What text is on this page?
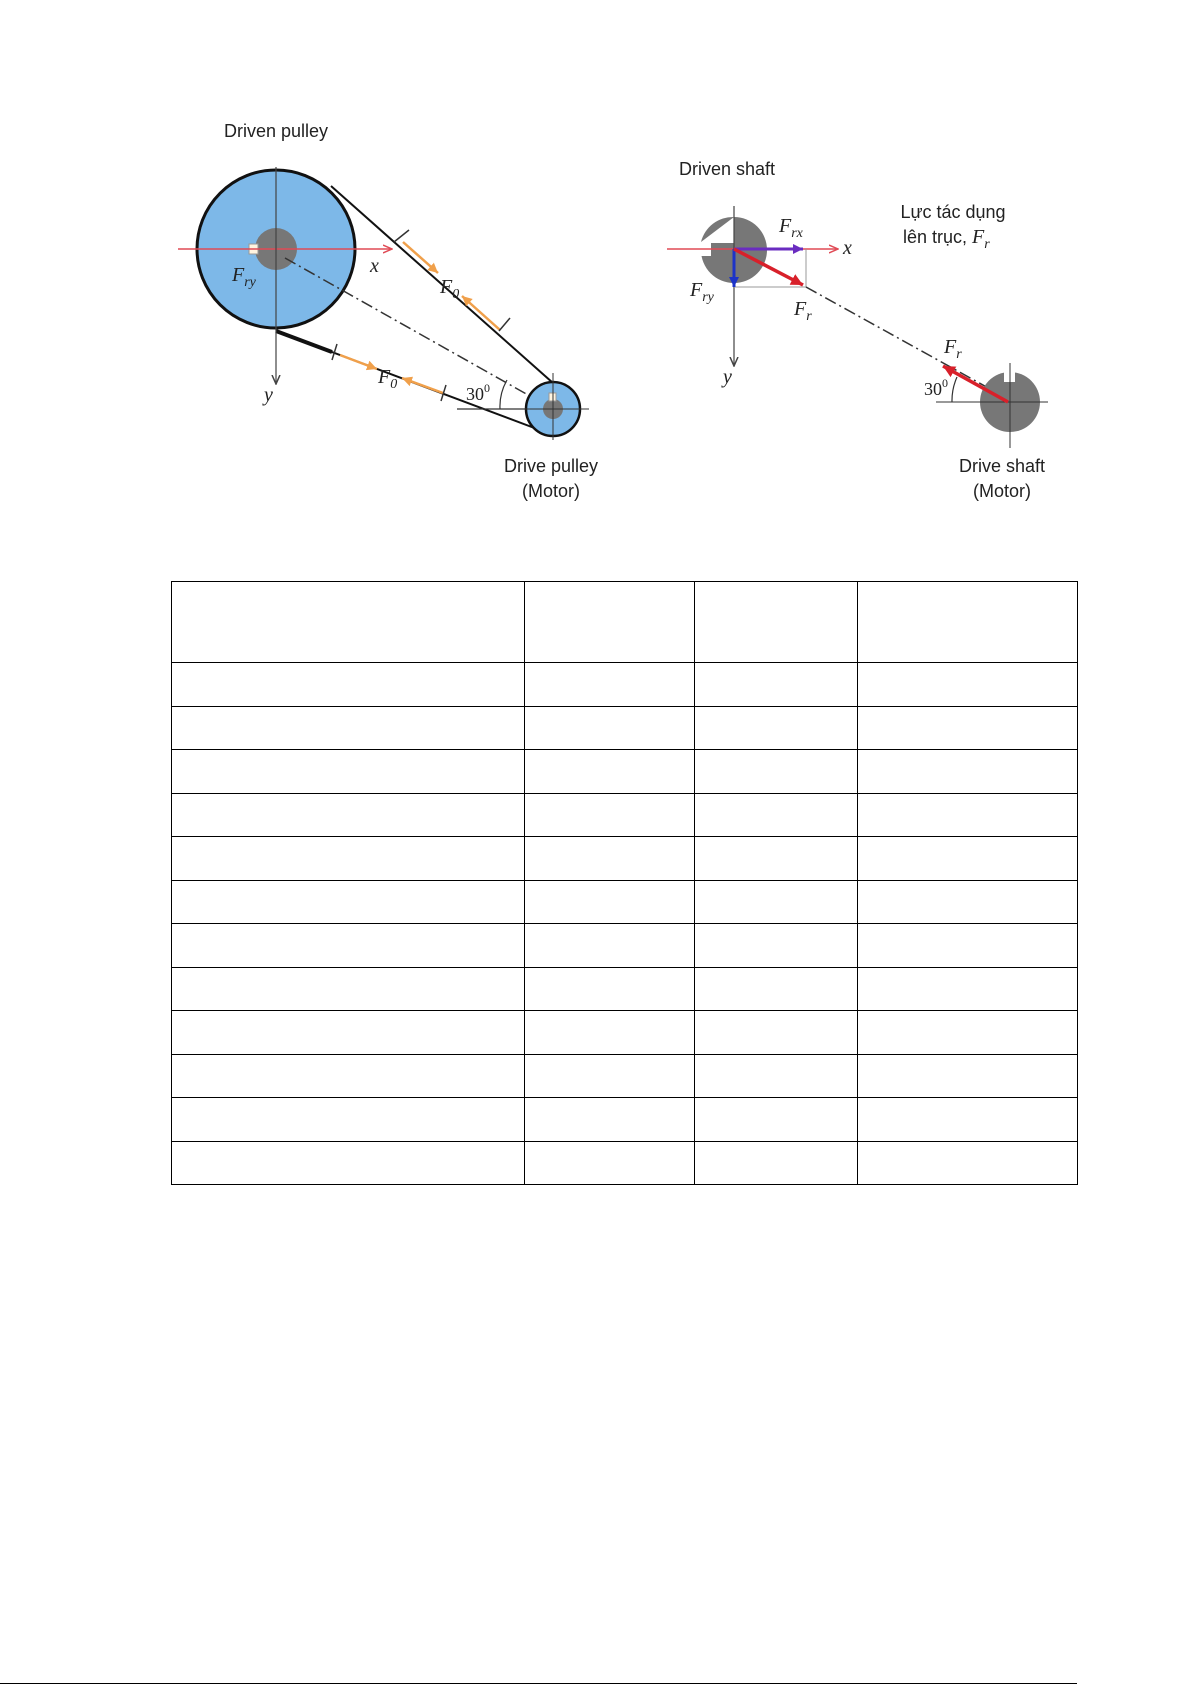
Driven pulley
x
y
Fry	F0
F0	$30^0$
Drive pulley
(Motor)
Driven shaft
Lực tác dụng
lên trục, Fr
x
y
Frx
Fry
Fr
Fr
$30^0$
Drive shaft
(Motor)
